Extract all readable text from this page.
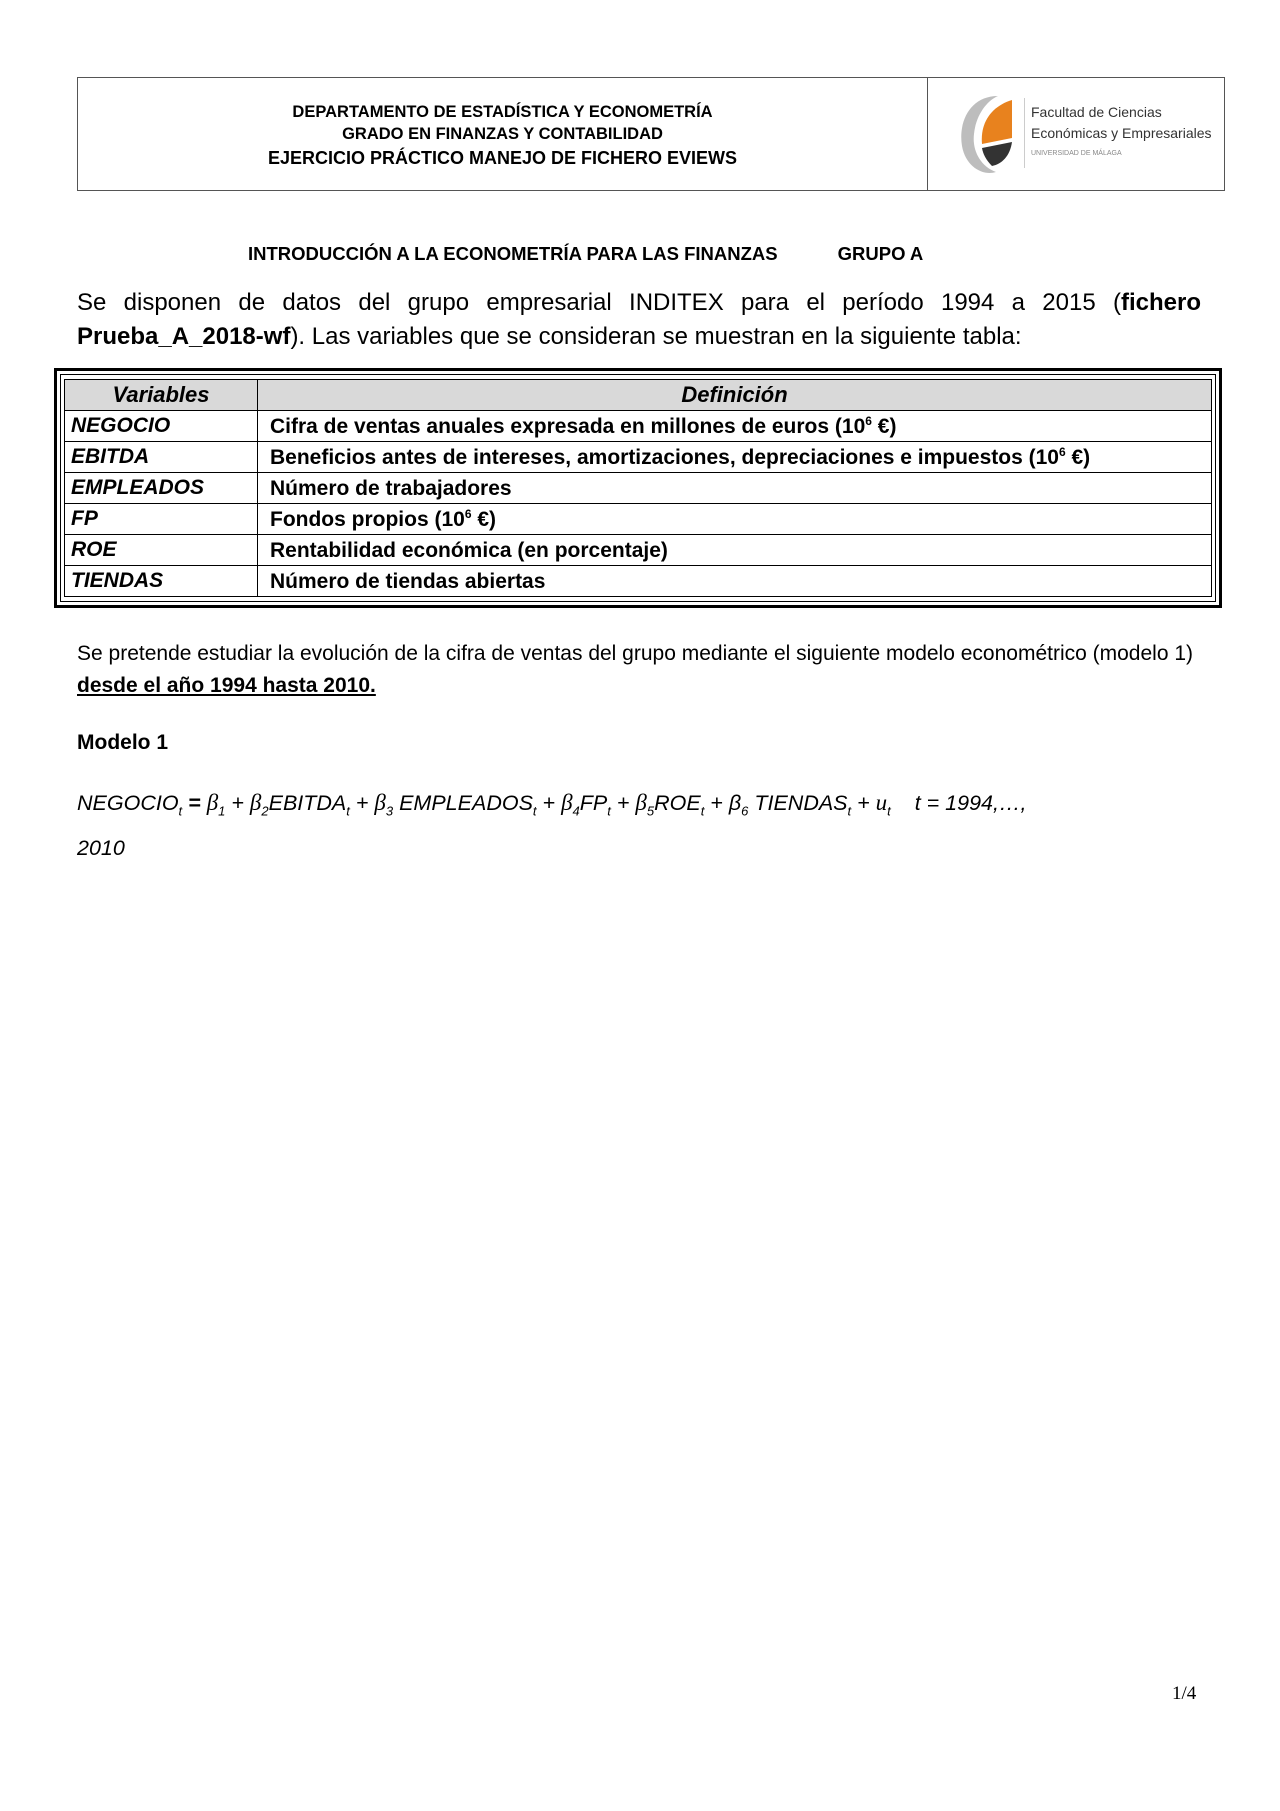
DEPARTAMENTO DE ESTADÍSTICA Y ECONOMETRÍA
GRADO EN FINANZAS Y CONTABILIDAD
EJERCICIO PRÁCTICO MANEJO DE FICHERO EVIEWS
Facultad de Ciencias
Económicas y Empresariales
UNIVERSIDAD DE MÁLAGA
INTRODUCCIÓN A LA ECONOMETRÍA PARA LAS FINANZAS	GRUPO A
Se disponen de datos del grupo empresarial INDITEX para el período 1994 a 2015 (fichero Prueba_A_2018-wf). Las variables que se consideran se muestran en la siguiente tabla:
Variables	Definición
NEGOCIO	Cifra de ventas anuales expresada en millones de euros ($10^6$ €)
EBITDA	Beneficios antes de intereses, amortizaciones, depreciaciones e impuestos ($10^6$ €)
EMPLEADOS	Número de trabajadores
FP	Fondos propios ($10^6$ €)
ROE	Rentabilidad económica (en porcentaje)
TIENDAS	Número de tiendas abiertas
Se pretende estudiar la evolución de la cifra de ventas del grupo mediante el siguiente modelo econométrico (modelo 1) desde el año 1994 hasta 2010.
Modelo 1
$NEGOCIO_t = \beta_1$ + $\beta_2EBITDA_t + \beta_3$ $EMPLEADOS_t + \beta_4FP_t + \beta_5ROE_t + \beta_6$ $TIENDAS_t + u_t$ t = 1994,…,
2010
1/4
